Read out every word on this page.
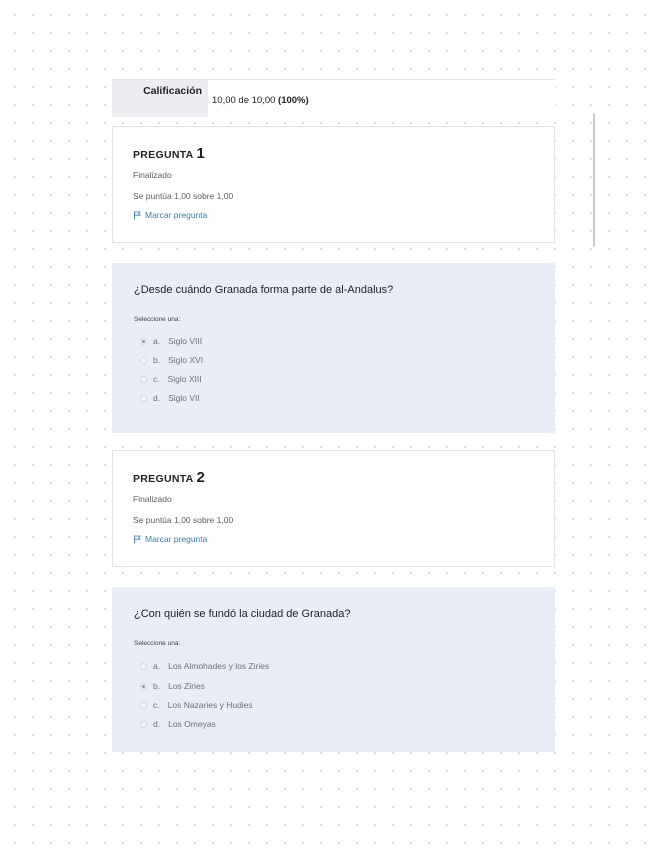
Calificación
10,00 de 10,00 (100%)
PREGUNTA 1
Finalizado
Se puntúa 1,00 sobre 1,00
Marcar pregunta
¿Desde cuándo Granada forma parte de al-Andalus?
Seleccione una:
a. Siglo VIII
b. Siglo XVI
c. Siglo XIII
d. Siglo VII
PREGUNTA 2
Finalizado
Se puntúa 1,00 sobre 1,00
Marcar pregunta
¿Con quién se fundó la ciudad de Granada?
Seleccione una:
a. Los Almohades y los Ziries
b. Los Ziries
c. Los Nazaries y Hudies
d. Los Omeyas
